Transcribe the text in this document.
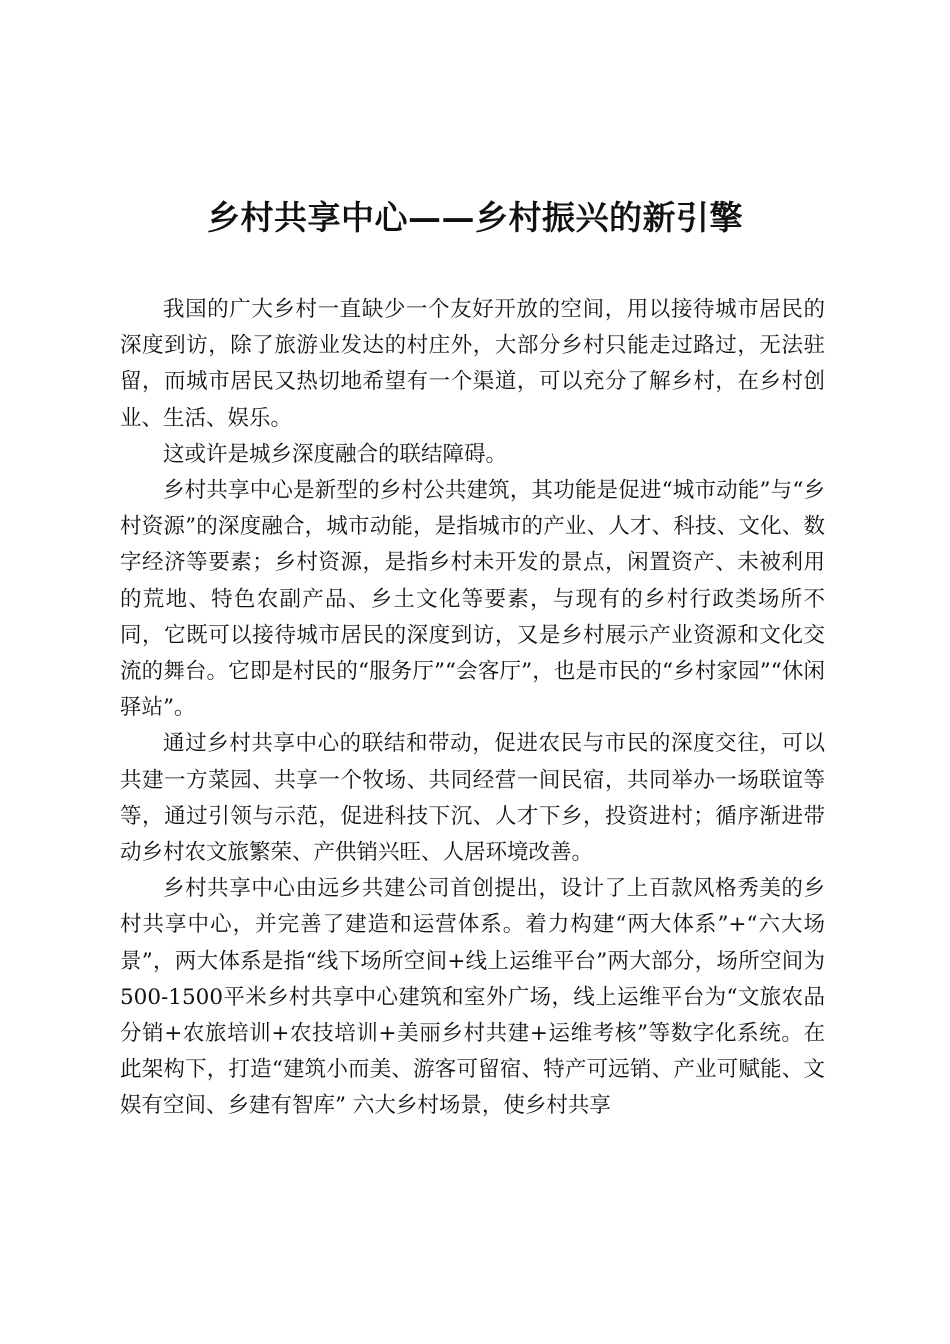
乡村共享中心——乡村振兴的新引擎

我国的广大乡村一直缺少一个友好开放的空间，用以接待城市居民的深度到访，除了旅游业发达的村庄外，大部分乡村只能走过路过，无法驻留，而城市居民又热切地希望有一个渠道，可以充分了解乡村，在乡村创业、生活、娱乐。

这或许是城乡深度融合的联结障碍。

乡村共享中心是新型的乡村公共建筑，其功能是促进“城市动能”与“乡村资源”的深度融合，城市动能，是指城市的产业、人才、科技、文化、数字经济等要素；乡村资源，是指乡村未开发的景点，闲置资产、未被利用的荒地、特色农副产品、乡土文化等要素，与现有的乡村行政类场所不同，它既可以接待城市居民的深度到访，又是乡村展示产业资源和文化交流的舞台。它即是村民的“服务厅”“会客厅”，也是市民的“乡村家园”“休闲驿站”。

通过乡村共享中心的联结和带动，促进农民与市民的深度交往，可以共建一方菜园、共享一个牧场、共同经营一间民宿，共同举办一场联谊等等，通过引领与示范，促进科技下沉、人才下乡，投资进村；循序渐进带动乡村农文旅繁荣、产供销兴旺、人居环境改善。

乡村共享中心由远乡共建公司首创提出，设计了上百款风格秀美的乡村共享中心，并完善了建造和运营体系。着力构建“两大体系”+“六大场景”，两大体系是指“线下场所空间+线上运维平台”两大部分，场所空间为500-1500平米乡村共享中心建筑和室外广场，线上运维平台为“文旅农品分销+农旅培训+农技培训+美丽乡村共建+运维考核”等数字化系统。在此架构下，打造“建筑小而美、游客可留宿、特产可远销、产业可赋能、文娱有空间、乡建有智库” 六大乡村场景，使乡村共享
